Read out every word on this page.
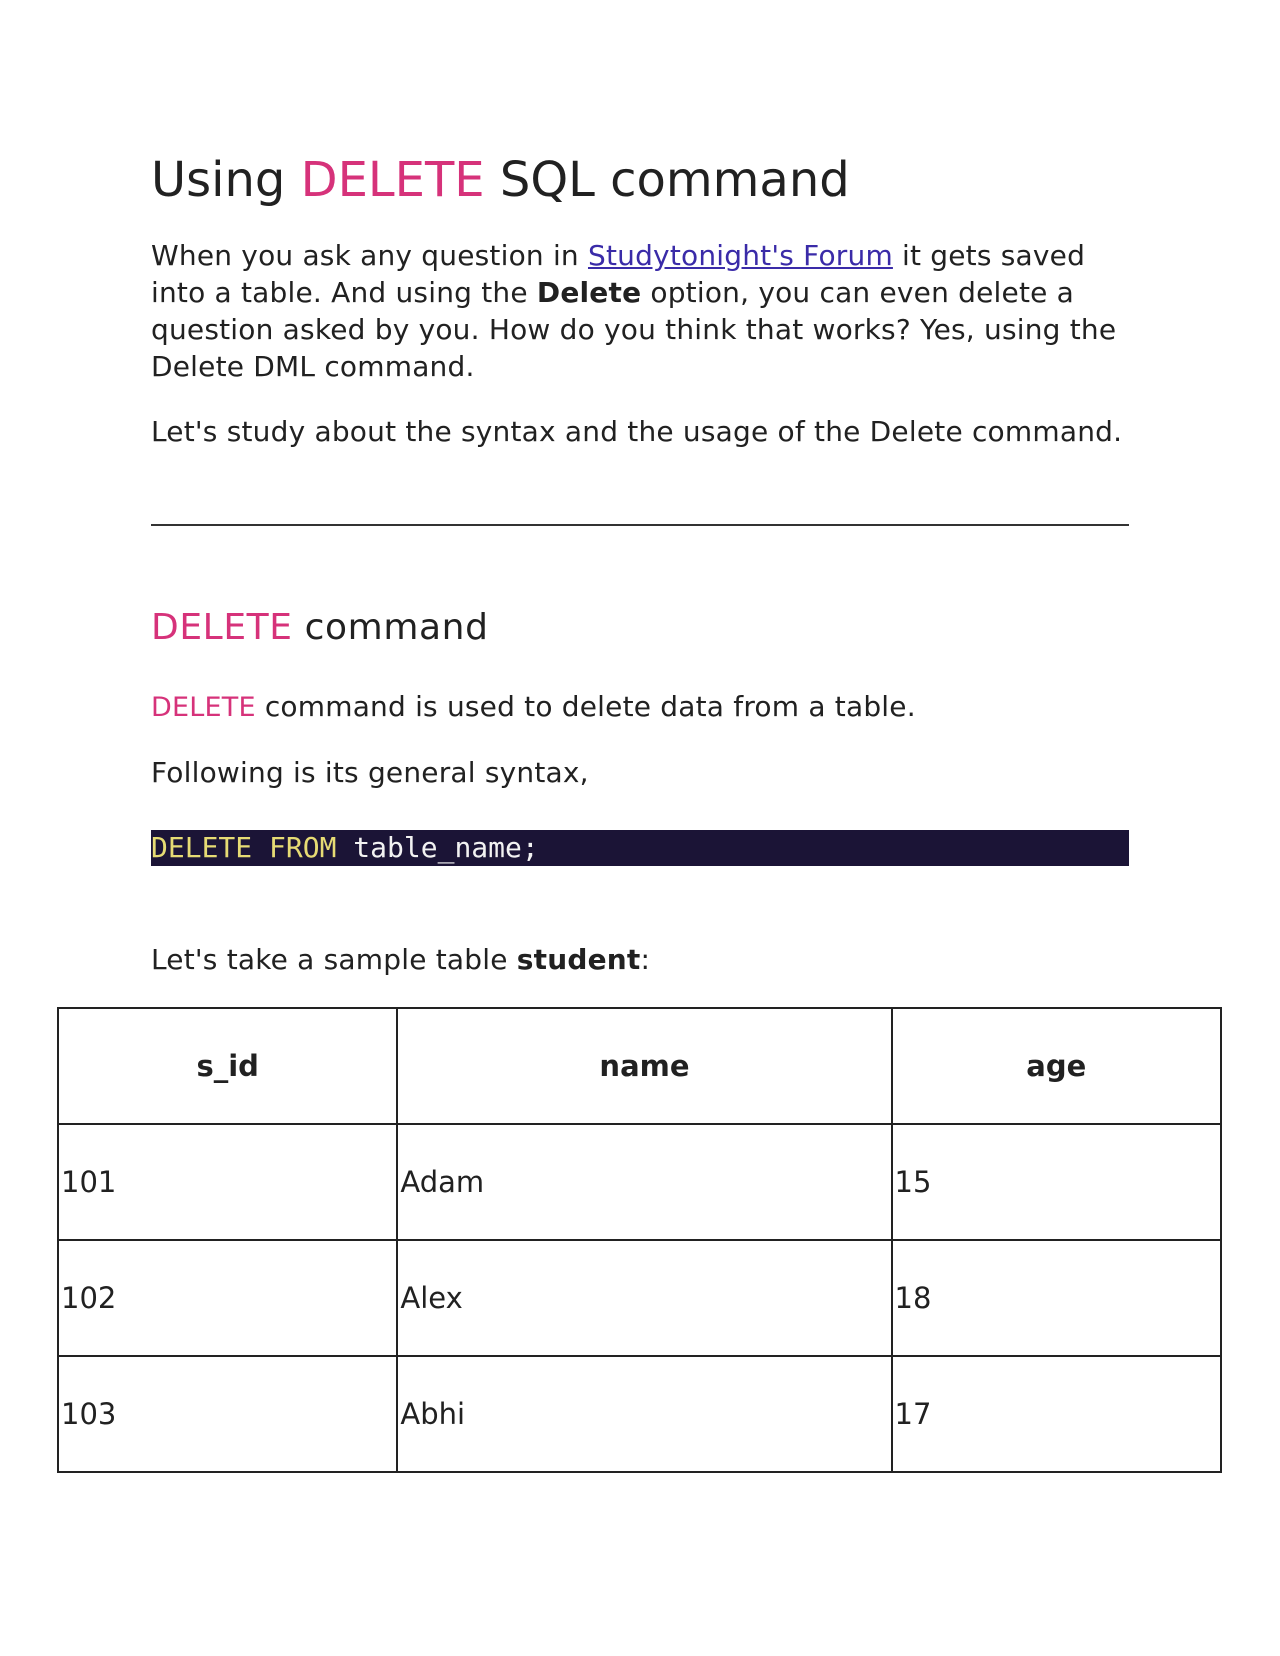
Using DELETE SQL command

When you ask any question in Studytonight's Forum it gets saved into a table. And using the Delete option, you can even delete a question asked by you. How do you think that works? Yes, using the Delete DML command.

Let's study about the syntax and the usage of the Delete command.

DELETE command

DELETE command is used to delete data from a table.

Following is its general syntax,

DELETE FROM table_name;

Let's take a sample table student:

s_id	name	age
101	Adam	15
102	Alex	18
103	Abhi	17
